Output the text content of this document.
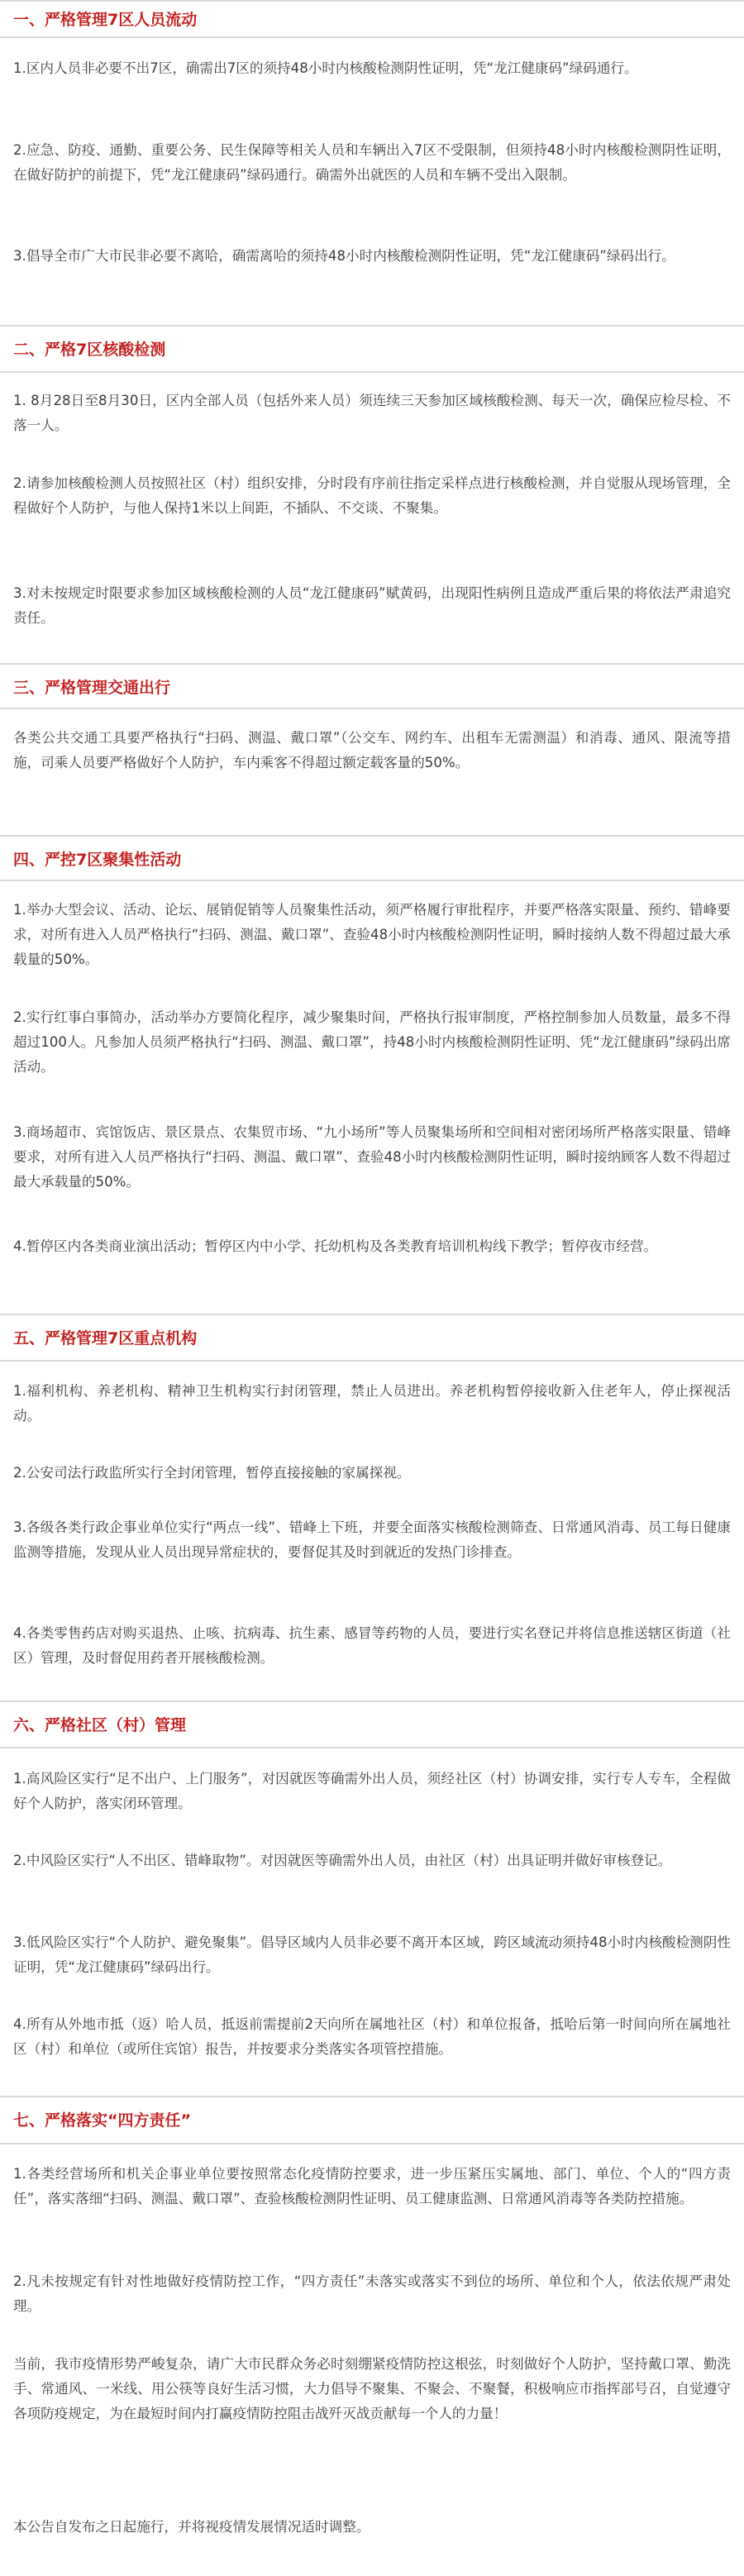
一、严格管理7区人员流动

1.区内人员非必要不出7区，确需出7区的须持48小时内核酸检测阴性证明，凭“龙江健康码”绿码通行。

2.应急、防疫、通勤、重要公务、民生保障等相关人员和车辆出入7区不受限制，但须持48小时内核酸检测阴性证明，在做好防护的前提下，凭“龙江健康码”绿码通行。确需外出就医的人员和车辆不受出入限制。

3.倡导全市广大市民非必要不离哈，确需离哈的须持48小时内核酸检测阴性证明，凭“龙江健康码”绿码出行。

二、严格7区核酸检测

1. 8月28日至8月30日，区内全部人员（包括外来人员）须连续三天参加区域核酸检测、每天一次，确保应检尽检、不落一人。

2.请参加核酸检测人员按照社区（村）组织安排，分时段有序前往指定采样点进行核酸检测，并自觉服从现场管理，全程做好个人防护，与他人保持1米以上间距，不插队、不交谈、不聚集。

3.对未按规定时限要求参加区域核酸检测的人员“龙江健康码”赋黄码，出现阳性病例且造成严重后果的将依法严肃追究责任。

三、严格管理交通出行

各类公共交通工具要严格执行“扫码、测温、戴口罩”（公交车、网约车、出租车无需测温）和消毒、通风、限流等措施，司乘人员要严格做好个人防护，车内乘客不得超过额定载客量的50%。

四、严控7区聚集性活动

1.举办大型会议、活动、论坛、展销促销等人员聚集性活动，须严格履行审批程序，并要严格落实限量、预约、错峰要求，对所有进入人员严格执行“扫码、测温、戴口罩”、查验48小时内核酸检测阴性证明，瞬时接纳人数不得超过最大承载量的50%。

2.实行红事白事简办，活动举办方要简化程序，减少聚集时间，严格执行报审制度，严格控制参加人员数量，最多不得超过100人。凡参加人员须严格执行“扫码、测温、戴口罩”，持48小时内核酸检测阴性证明、凭“龙江健康码”绿码出席活动。

3.商场超市、宾馆饭店、景区景点、农集贸市场、“九小场所”等人员聚集场所和空间相对密闭场所严格落实限量、错峰要求，对所有进入人员严格执行“扫码、测温、戴口罩”、查验48小时内核酸检测阴性证明，瞬时接纳顾客人数不得超过最大承载量的50%。

4.暂停区内各类商业演出活动；暂停区内中小学、托幼机构及各类教育培训机构线下教学；暂停夜市经营。

五、严格管理7区重点机构

1.福利机构、养老机构、精神卫生机构实行封闭管理，禁止人员进出。养老机构暂停接收新入住老年人，停止探视活动。

2.公安司法行政监所实行全封闭管理，暂停直接接触的家属探视。

3.各级各类行政企事业单位实行“两点一线”、错峰上下班，并要全面落实核酸检测筛查、日常通风消毒、员工每日健康监测等措施，发现从业人员出现异常症状的，要督促其及时到就近的发热门诊排查。

4.各类零售药店对购买退热、止咳、抗病毒、抗生素、感冒等药物的人员，要进行实名登记并将信息推送辖区街道（社区）管理，及时督促用药者开展核酸检测。

六、严格社区（村）管理

1.高风险区实行“足不出户、上门服务”，对因就医等确需外出人员，须经社区（村）协调安排，实行专人专车，全程做好个人防护，落实闭环管理。

2.中风险区实行“人不出区、错峰取物”。对因就医等确需外出人员，由社区（村）出具证明并做好审核登记。

3.低风险区实行“个人防护、避免聚集”。倡导区域内人员非必要不离开本区域，跨区域流动须持48小时内核酸检测阴性证明，凭“龙江健康码”绿码出行。

4.所有从外地市抵（返）哈人员，抵返前需提前2天向所在属地社区（村）和单位报备，抵哈后第一时间向所在属地社区（村）和单位（或所住宾馆）报告，并按要求分类落实各项管控措施。

七、严格落实“四方责任”

1.各类经营场所和机关企事业单位要按照常态化疫情防控要求，进一步压紧压实属地、部门、单位、个人的“四方责任”，落实落细“扫码、测温、戴口罩”、查验核酸检测阴性证明、员工健康监测、日常通风消毒等各类防控措施。

2.凡未按规定有针对性地做好疫情防控工作，“四方责任”未落实或落实不到位的场所、单位和个人，依法依规严肃处理。

当前，我市疫情形势严峻复杂，请广大市民群众务必时刻绷紧疫情防控这根弦，时刻做好个人防护，坚持戴口罩、勤洗手、常通风、一米线、用公筷等良好生活习惯，大力倡导不聚集、不聚会、不聚餐，积极响应市指挥部号召，自觉遵守各项防疫规定，为在最短时间内打赢疫情防控阻击战歼灭战贡献每一个人的力量！

本公告自发布之日起施行，并将视疫情发展情况适时调整。
